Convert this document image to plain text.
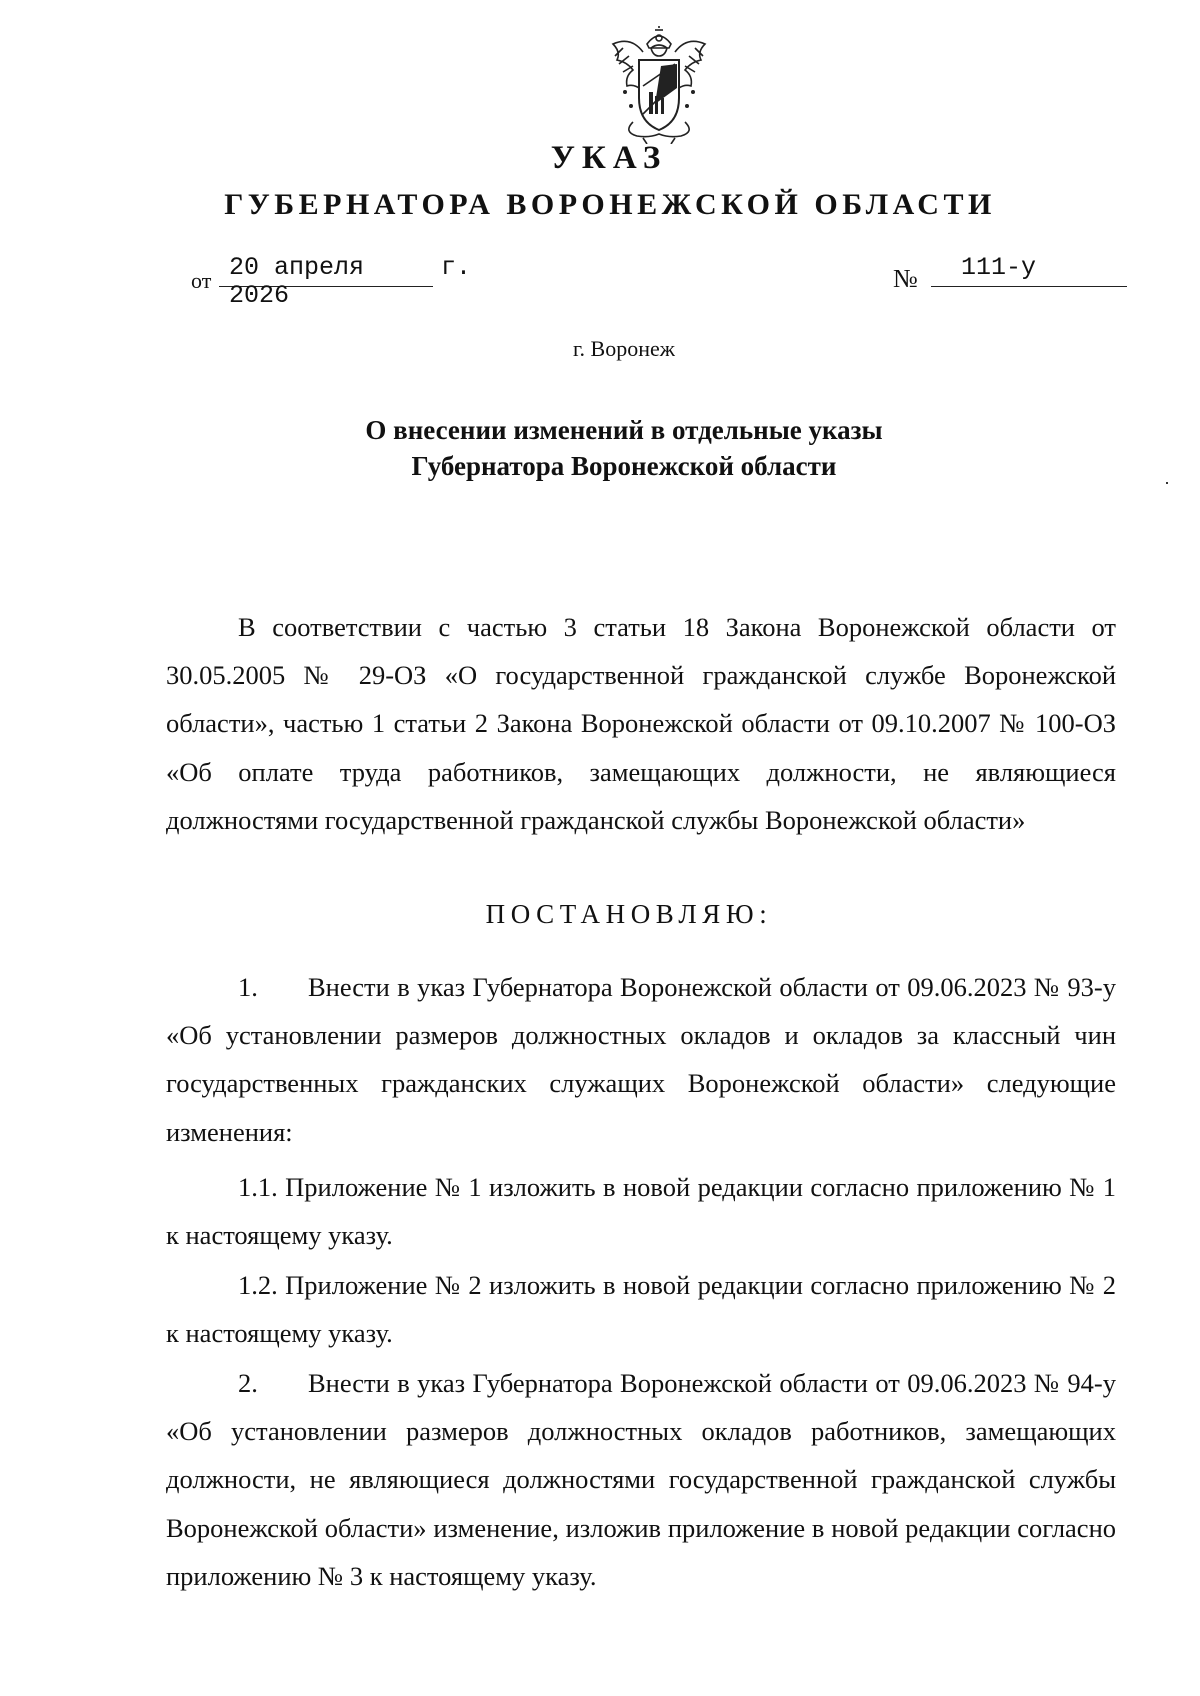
УКАЗ
ГУБЕРНАТОРА ВОРОНЕЖСКОЙ ОБЛАСТИ
от 20 апреля 2026
г.	№	111-у
г. Воронеж
О внесении изменений в отдельные указы
Губернатора Воронежской области

В соответствии с частью 3 статьи 18 Закона Воронежской области от 30.05.2005 № 29-ОЗ «О государственной гражданской службе Воронежской области», частью 1 статьи 2 Закона Воронежской области от 09.10.2007 № 100-ОЗ «Об оплате труда работников, замещающих должности, не являющиеся должностями государственной гражданской службы Воронежской области»

ПОСТАНОВЛЯЮ:

1. Внести в указ Губернатора Воронежской области от 09.06.2023 № 93-у «Об установлении размеров должностных окладов и окладов за классный чин государственных гражданских служащих Воронежской области» следующие изменения:

1.1. Приложение № 1 изложить в новой редакции согласно приложению № 1 к настоящему указу.

1.2. Приложение № 2 изложить в новой редакции согласно приложению № 2 к настоящему указу.

2. Внести в указ Губернатора Воронежской области от 09.06.2023 № 94-у «Об установлении размеров должностных окладов работников, замещающих должности, не являющиеся должностями государственной гражданской службы Воронежской области» изменение, изложив приложение в новой редакции согласно приложению № 3 к настоящему указу.
